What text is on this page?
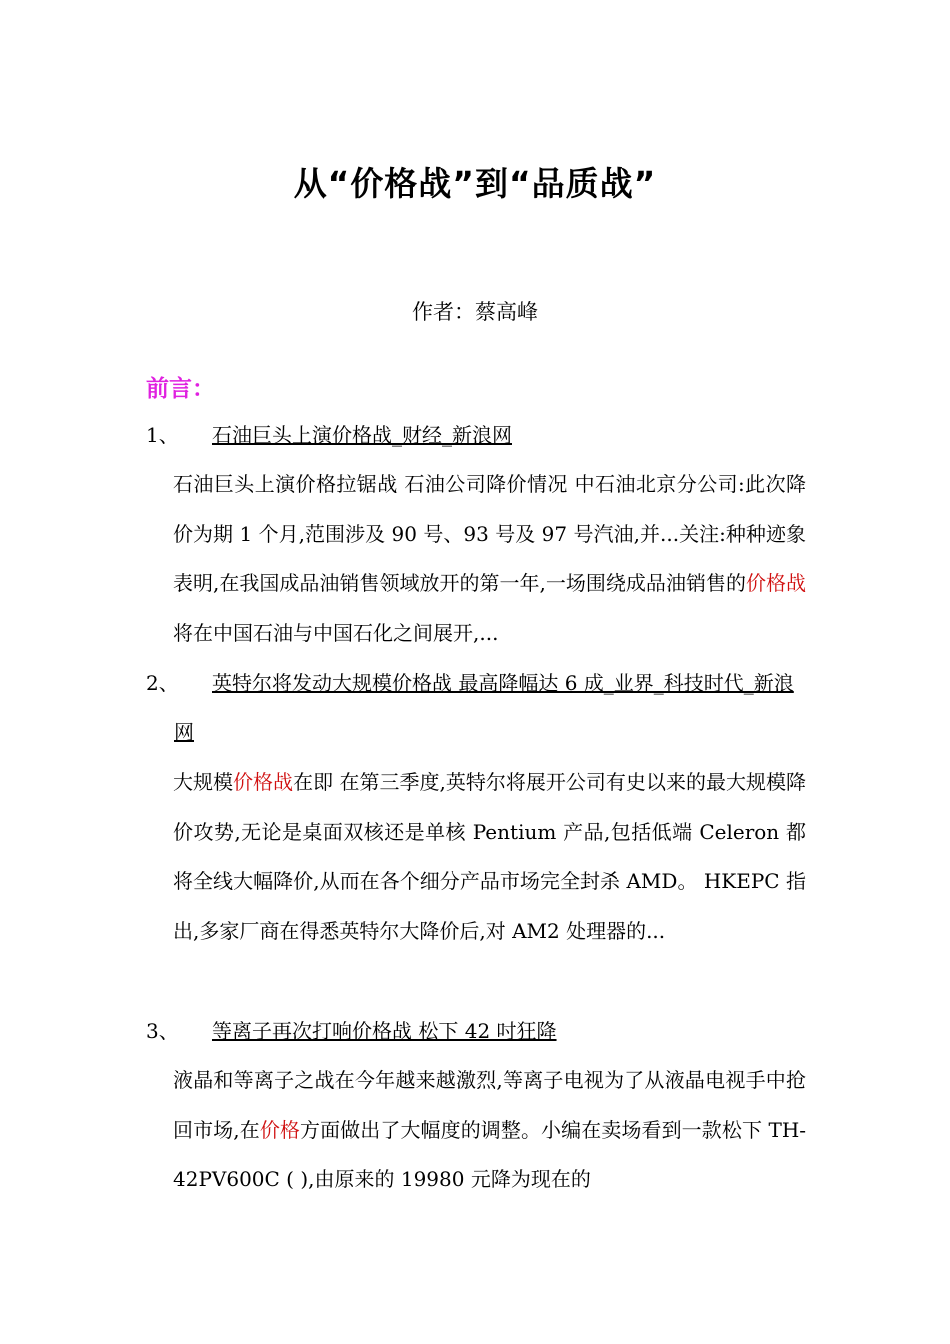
从“价格战”到“品质战”
作者：蔡高峰
前言：
1、 石油巨头上演价格战_财经_新浪网
石油巨头上演价格拉锯战 石油公司降价情况 中石油北京分公司:此次降价为期 1 个月,范围涉及 90 号、93 号及 97 号汽油,并...关注:种种迹象表明,在我国成品油销售领域放开的第一年,一场围绕成品油销售的价格战将在中国石油与中国石化之间展开,...
2、	英特尔将发动大规模价格战 最高降幅达 6 成_业界_科技时代_新浪网
大规模价格战在即 在第三季度,英特尔将展开公司有史以来的最大规模降价攻势,无论是桌面双核还是单核 Pentium 产品,包括低端 Celeron 都将全线大幅降价,从而在各个细分产品市场完全封杀 AMD。 HKEPC 指出,多家厂商在得悉英特尔大降价后,对 AM2 处理器的...
3、 等离子再次打响价格战 松下 42 吋狂降
液晶和等离子之战在今年越来越激烈,等离子电视为了从液晶电视手中抢回市场,在价格方面做出了大幅度的调整。小编在卖场看到一款松下 TH-42PV600C ( ),由原来的 19980 元降为现在的
